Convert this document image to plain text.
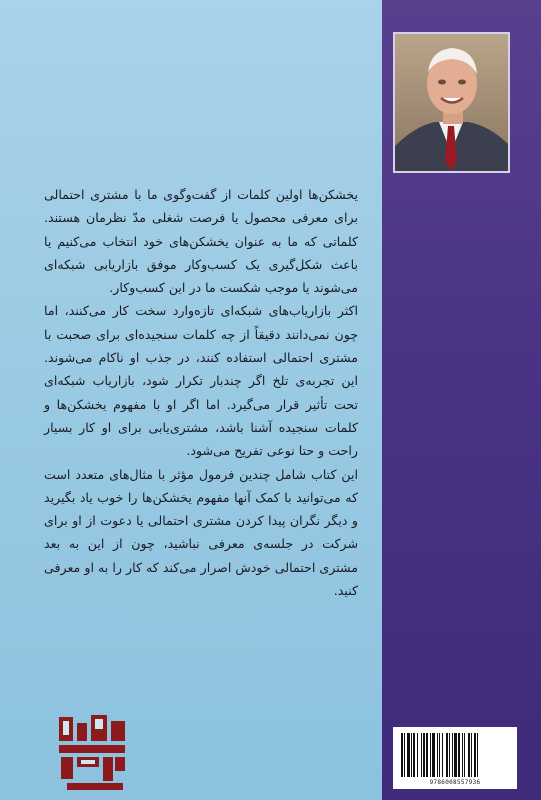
یخشکن‌ها اولین کلمات از گفت‌وگوی ما با مشتری احتمالی برای معرفی محصول یا فرصت شغلی مدّ نظرمان هستند. کلماتی که ما به عنوان یخشکن‌های خود انتخاب می‌کنیم یا باعث شکل‌گیری یک کسب‌وکار موفق بازاریابی شبکه‌ای می‌شوند یا موجب شکست ما در این کسب‌وکار.

اکثر بازاریاب‌های شبکه‌ای تازه‌وارد سخت کار می‌کنند، اما چون نمی‌دانند دقیقاً از چه کلمات سنجیده‌ای برای صحبت با مشتری احتمالی استفاده کنند، در جذب او ناکام می‌شوند. این تجربه‌ی تلخ اگر چندبار تکرار شود، بازاریاب شبکه‌ای تحت تأثیر قرار می‌گیرد. اما اگر او با مفهوم یخشکن‌ها و کلمات سنجیده آشنا باشد، مشتری‌یابی برای او کار بسیار راحت و حتا نوعی تفریح می‌شود.

این کتاب شامل چندین فرمول مؤثر با مثال‌های متعدد است که می‌توانید با کمک آنها مفهوم یخشکن‌ها را خوب یاد بگیرید و دیگر نگران پیدا کردن مشتری احتمالی یا دعوت از او برای شرکت در جلسه‌ی معرفی نباشید، چون از این به بعد مشتری احتمالی خودش اصرار می‌کند که کار را به او معرفی کنید.

9786008557936
